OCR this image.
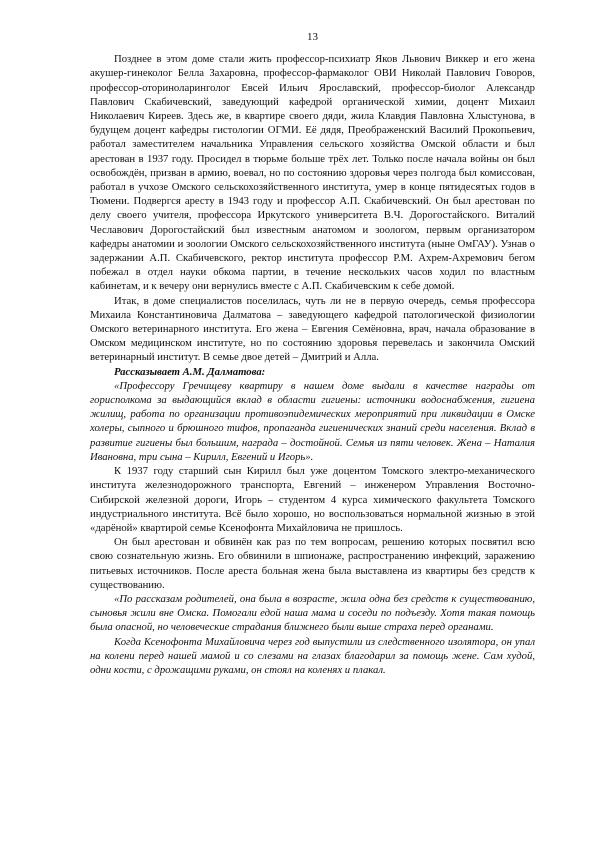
13

Позднее в этом доме стали жить профессор-психиатр Яков Львович Виккер и его жена акушер-гинеколог Белла Захаровна, профессор-фармаколог ОВИ Николай Павлович Говоров, профессор-оториноларинголог Евсей Ильич Ярославский, профессор-биолог Александр Павлович Скабичевский, заведующий кафедрой органической химии, доцент Михаил Николаевич Киреев. Здесь же, в квартире своего дяди, жила Клавдия Павловна Хлыстунова, в будущем доцент кафедры гистологии ОГМИ. Её дядя, Преображенский Василий Прокопьевич, работал заместителем начальника Управления сельского хозяйства Омской области и был арестован в 1937 году. Просидел в тюрьме больше трёх лет. Только после начала войны он был освобождён, призван в армию, воевал, но по состоянию здоровья через полгода был комиссован, работал в учхозе Омского сельскохозяйственного института, умер в конце пятидесятых годов в Тюмени. Подвергся аресту в 1943 году и профессор А.П. Скабичевский. Он был арестован по делу своего учителя, профессора Иркутского университета В.Ч. Дорогостайского. Виталий Чеславович Дорогостайский был известным анатомом и зоологом, первым организатором кафедры анатомии и зоологии Омского сельскохозяйственного института (ныне ОмГАУ). Узнав о задержании А.П. Скабичевского, ректор института профессор Р.М. Ахрем-Ахремович бегом побежал в отдел науки обкома партии, в течение нескольких часов ходил по властным кабинетам, и к вечеру они вернулись вместе с А.П. Скабичевским к себе домой.

Итак, в доме специалистов поселилась, чуть ли не в первую очередь, семья профессора Михаила Константиновича Далматова – заведующего кафедрой патологической физиологии Омского ветеринарного института. Его жена – Евгения Семёновна, врач, начала образование в Омском медицинском институте, но по состоянию здоровья перевелась и закончила Омский ветеринарный институт. В семье двое детей – Дмитрий и Алла.

Рассказывает А.М. Далматова:

«Профессору Гречищеву квартиру в нашем доме выдали в качестве награды от горисполкома за выдающийся вклад в области гигиены: источники водоснабжения, гигиена жилищ, работа по организации противоэпидемических мероприятий при ликвидации в Омске холеры, сыпного и брюшного тифов, пропаганда гигиенических знаний среди населения. Вклад в развитие гигиены был большим, награда – достойной. Семья из пяти человек. Жена – Наталия Ивановна, три сына – Кирилл, Евгений и Игорь».

К 1937 году старший сын Кирилл был уже доцентом Томского электро-механического института железнодорожного транспорта, Евгений – инженером Управления Восточно-Сибирской железной дороги, Игорь – студентом 4 курса химического факультета Томского индустриального института. Всё было хорошо, но воспользоваться нормальной жизнью в этой «дарёной» квартирой семье Ксенофонта Михайловича не пришлось.

Он был арестован и обвинён как раз по тем вопросам, решению которых посвятил всю свою сознательную жизнь. Его обвинили в шпионаже, распространению инфекций, заражению питьевых источников. После ареста больная жена была выставлена из квартиры без средств к существованию.

«По рассказам родителей, она была в возрасте, жила одна без средств к существованию, сыновья жили вне Омска. Помогали едой наша мама и соседи по подъезду. Хотя такая помощь была опасной, но человеческие страдания ближнего были выше страха перед органами.

Когда Ксенофонта Михайловича через год выпустили из следственного изолятора, он упал на колени перед нашей мамой и со слезами на глазах благодарил за помощь жене. Сам худой, одни кости, с дрожащими руками, он стоял на коленях и плакал.
